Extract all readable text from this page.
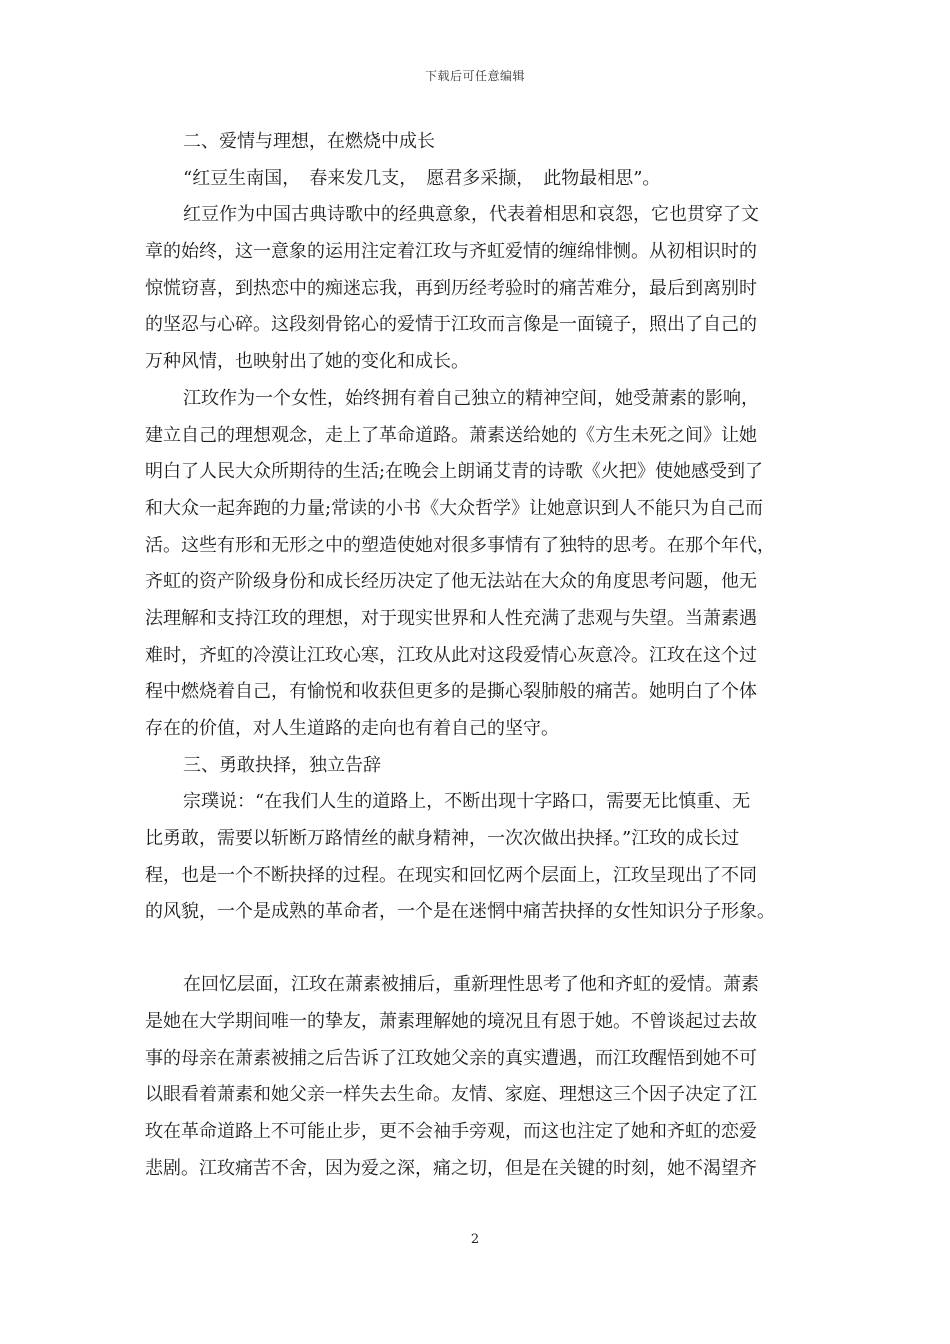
下载后可任意编辑
二、爱情与理想，在燃烧中成长
“红豆生南国，　春来发几支，　愿君多采撷，　此物最相思”。
红豆作为中国古典诗歌中的经典意象，代表着相思和哀怨，它也贯穿了文
章的始终，这一意象的运用注定着江玫与齐虹爱情的缠绵悱恻。从初相识时的
惊慌窃喜，到热恋中的痴迷忘我，再到历经考验时的痛苦难分，最后到离别时
的坚忍与心碎。这段刻骨铭心的爱情于江玫而言像是一面镜子，照出了自己的
万种风情，也映射出了她的变化和成长。
江玫作为一个女性，始终拥有着自己独立的精神空间，她受萧素的影响，
建立自己的理想观念，走上了革命道路。萧素送给她的《方生未死之间》让她
明白了人民大众所期待的生活;在晚会上朗诵艾青的诗歌《火把》使她感受到了
和大众一起奔跑的力量;常读的小书《大众哲学》让她意识到人不能只为自己而
活。这些有形和无形之中的塑造使她对很多事情有了独特的思考。在那个年代，
齐虹的资产阶级身份和成长经历决定了他无法站在大众的角度思考问题，他无
法理解和支持江玫的理想，对于现实世界和人性充满了悲观与失望。当萧素遇
难时，齐虹的冷漠让江玫心寒，江玫从此对这段爱情心灰意冷。江玫在这个过
程中燃烧着自己，有愉悦和收获但更多的是撕心裂肺般的痛苦。她明白了个体
存在的价值，对人生道路的走向也有着自己的坚守。
三、勇敢抉择，独立告辞
宗璞说：“在我们人生的道路上，不断出现十字路口，需要无比慎重、无
比勇敢，需要以斩断万路情丝的献身精神，一次次做出抉择。”江玫的成长过
程，也是一个不断抉择的过程。在现实和回忆两个层面上，江玫呈现出了不同
的风貌，一个是成熟的革命者，一个是在迷惘中痛苦抉择的女性知识分子形象。
在回忆层面，江玫在萧素被捕后，重新理性思考了他和齐虹的爱情。萧素
是她在大学期间唯一的挚友，萧素理解她的境况且有恩于她。不曾谈起过去故
事的母亲在萧素被捕之后告诉了江玫她父亲的真实遭遇，而江玫醒悟到她不可
以眼看着萧素和她父亲一样失去生命。友情、家庭、理想这三个因子决定了江
玫在革命道路上不可能止步，更不会袖手旁观，而这也注定了她和齐虹的恋爱
悲剧。江玫痛苦不舍，因为爱之深，痛之切，但是在关键的时刻，她不渴望齐
2
